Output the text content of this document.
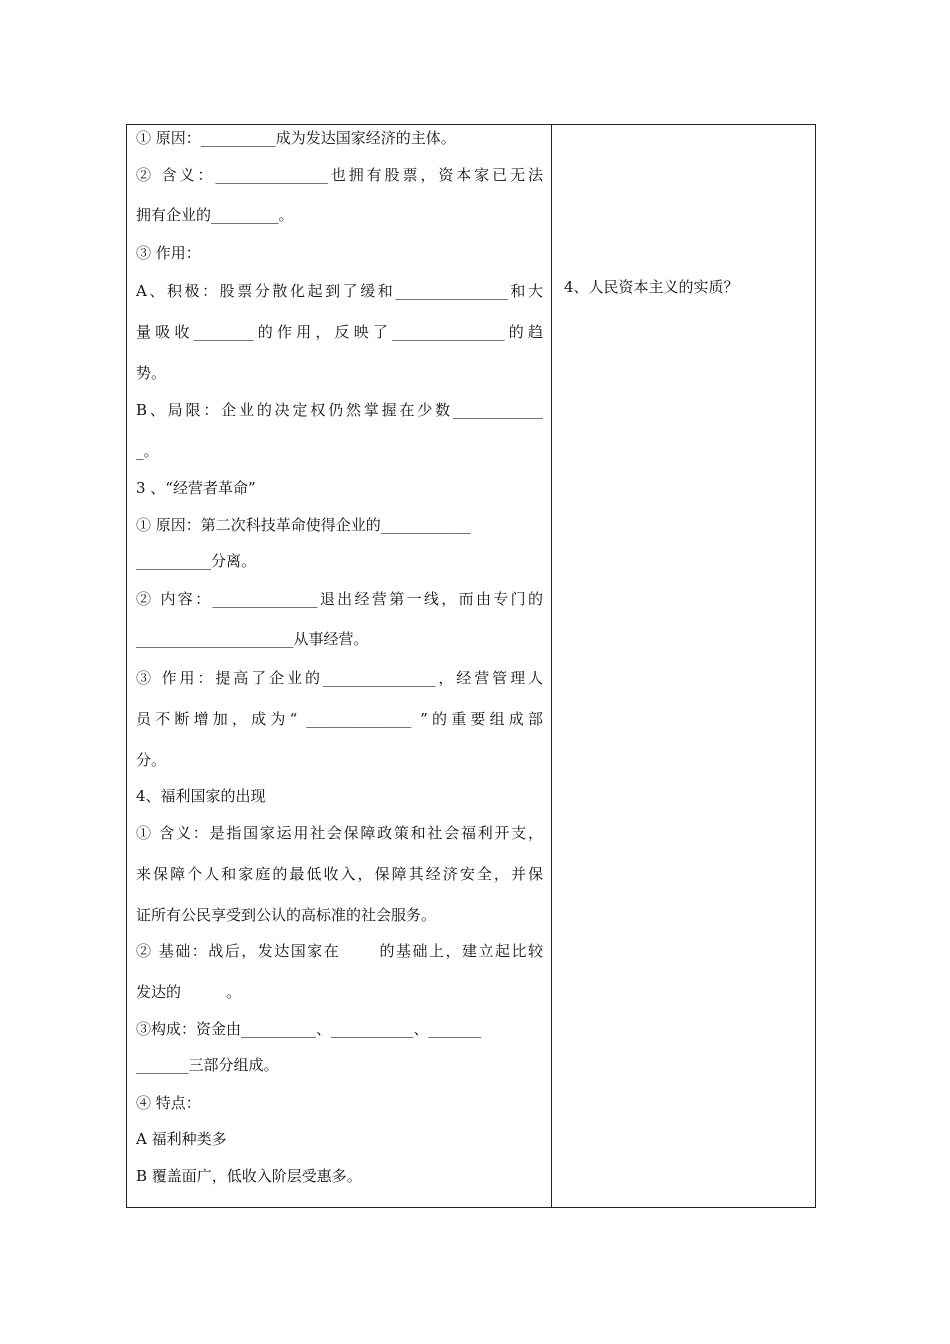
① 原因：__________成为发达国家经济的主体。
② 含义：_______________也拥有股票，资本家已无法
拥有企业的_________。
③ 作用：
A、积极：股票分散化起到了缓和_______________和大
量吸收________的作用，反映了_______________的趋
势。
B、局限：企业的决定权仍然掌握在少数____________
_。
3 、“经营者革命”
① 原因：第二次科技革命使得企业的____________
__________分离。
② 内容：______________退出经营第一线，而由专门的
_____________________从事经营。
③ 作用：提高了企业的_______________，经营管理人
员不断增加，成为“ ______________ ”的重要组成部
分。
4、福利国家的出现
① 含义：是指国家运用社会保障政策和社会福利开支，
来保障个人和家庭的最低收入，保障其经济安全，并保
证所有公民享受到公认的高标准的社会服务。
② 基础：战后，发达国家在　　 的基础上，建立起比较
发达的　　　。
③构成：资金由__________、___________、_______
_______三部分组成。
④ 特点：
A 福利种类多
B 覆盖面广，低收入阶层受惠多。
4、人民资本主义的实质？
